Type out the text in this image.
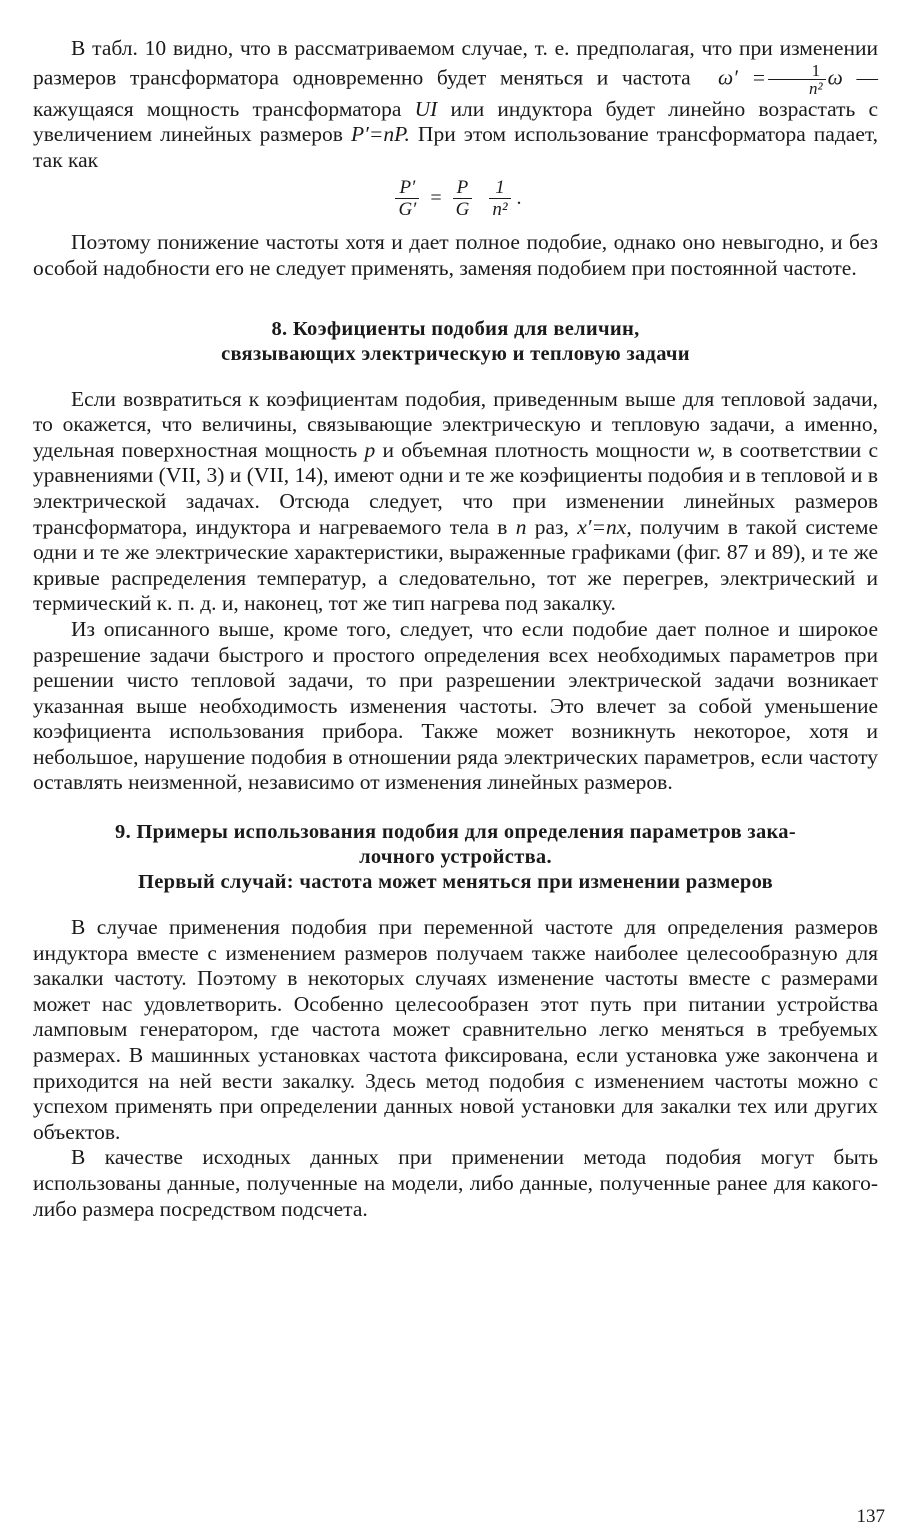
В табл. 10 видно, что в рассматриваемом случае, т. е. предполагая, что при изменении размеров трансформатора одновременно будет меняться и частота $\omega' = \frac{1}{\text{n²}}$ ω — кажущаяся мощность трансформатора UI или индуктора будет линейно возрастать с увеличением линейных размеров P′=nP. При этом использование трансформатора падает, так как

$\frac{P'}{G'} = \frac{P}{G}$
$\frac{1}{\text{n²}}$ .

Поэтому понижение частоты хотя и дает полное подобие, однако оно невыгодно, и без особой надобности его не следует применять, заменяя подобием при постоянной частоте.

8. Коэфициенты подобия для величин,
связывающих электрическую и тепловую задачи

Если возвратиться к коэфициентам подобия, приведенным выше для тепловой задачи, то окажется, что величины, связывающие электрическую и тепловую задачи, а именно, удельная поверхностная мощность p и объемная плотность мощности w, в соответствии с уравнениями (VII, 3) и (VII, 14), имеют одни и те же коэфициенты подобия и в тепловой и в электрической задачах. Отсюда следует, что при изменении линейных размеров трансформатора, индуктора и нагреваемого тела в n раз, x′=nx, получим в такой системе одни и те же электрические характеристики, выраженные графиками (фиг. 87 и 89), и те же кривые распределения температур, а следовательно, тот же перегрев, электрический и термический к. п. д. и, наконец, тот же тип нагрева под закалку.

Из описанного выше, кроме того, следует, что если подобие дает полное и широкое разрешение задачи быстрого и простого определения всех необходимых параметров при решении чисто тепловой задачи, то при разрешении электрической задачи возникает указанная выше необходимость изменения частоты. Это влечет за собой уменьшение коэфициента использования прибора. Также может возникнуть некоторое, хотя и небольшое, нарушение подобия в отношении ряда электрических параметров, если частоту оставлять неизменной, независимо от изменения линейных размеров.

9. Примеры использования подобия для определения параметров зака-
лочного устройства.
Первый случай: частота может меняться при изменении размеров

В случае применения подобия при переменной частоте для определения размеров индуктора вместе с изменением размеров получаем также наиболее целесообразную для закалки частоту. Поэтому в некоторых случаях изменение частоты вместе с размерами может нас удовлетворить. Особенно целесообразен этот путь при питании устройства ламповым генератором, где частота может сравнительно легко меняться в требуемых размерах. В машинных установках частота фиксирована, если установка уже закончена и приходится на ней вести закалку. Здесь метод подобия с изменением частоты можно с успехом применять при определении данных новой установки для закалки тех или других объектов.

В качестве исходных данных при применении метода подобия могут быть использованы данные, полученные на модели, либо данные, полученные ранее для какого-либо размера посредством подсчета.

137
